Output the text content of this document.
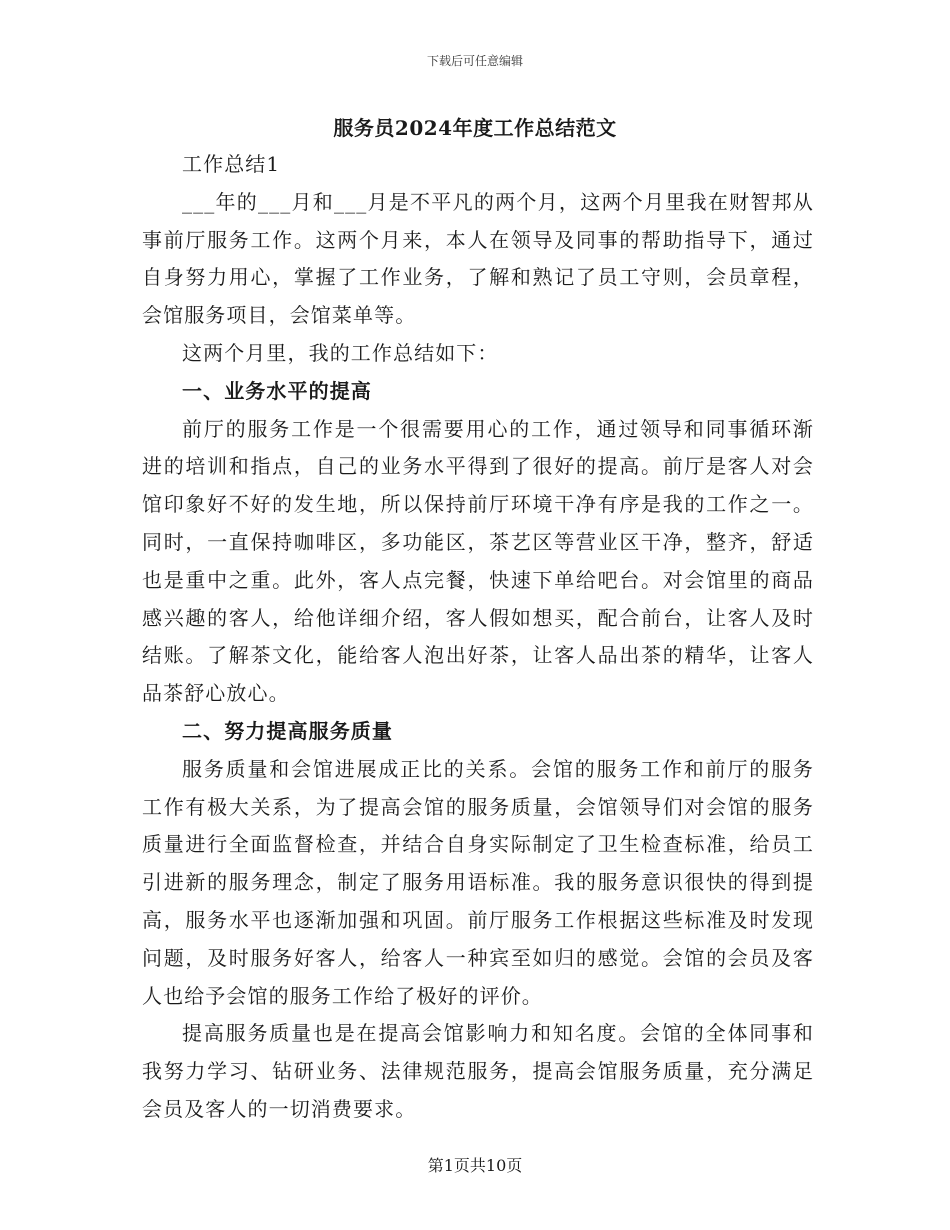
下载后可任意编辑
服务员2024年度工作总结范文

工作总结1

___年的___月和___月是不平凡的两个月，这两个月里我在财智邦从事前厅服务工作。这两个月来，本人在领导及同事的帮助指导下，通过自身努力用心，掌握了工作业务，了解和熟记了员工守则，会员章程，会馆服务项目，会馆菜单等。

这两个月里，我的工作总结如下：

一、业务水平的提高

前厅的服务工作是一个很需要用心的工作，通过领导和同事循环渐进的培训和指点，自己的业务水平得到了很好的提高。前厅是客人对会馆印象好不好的发生地，所以保持前厅环境干净有序是我的工作之一。同时，一直保持咖啡区，多功能区，茶艺区等营业区干净，整齐，舒适也是重中之重。此外，客人点完餐，快速下单给吧台。对会馆里的商品感兴趣的客人，给他详细介绍，客人假如想买，配合前台，让客人及时结账。了解茶文化，能给客人泡出好茶，让客人品出茶的精华，让客人品茶舒心放心。

二、努力提高服务质量

服务质量和会馆进展成正比的关系。会馆的服务工作和前厅的服务工作有极大关系，为了提高会馆的服务质量，会馆领导们对会馆的服务质量进行全面监督检查，并结合自身实际制定了卫生检查标准，给员工引进新的服务理念，制定了服务用语标准。我的服务意识很快的得到提高，服务水平也逐渐加强和巩固。前厅服务工作根据这些标准及时发现问题，及时服务好客人，给客人一种宾至如归的感觉。会馆的会员及客人也给予会馆的服务工作给了极好的评价。

提高服务质量也是在提高会馆影响力和知名度。会馆的全体同事和我努力学习、钻研业务、法律规范服务，提高会馆服务质量，充分满足会员及客人的一切消费要求。

第1页共10页
